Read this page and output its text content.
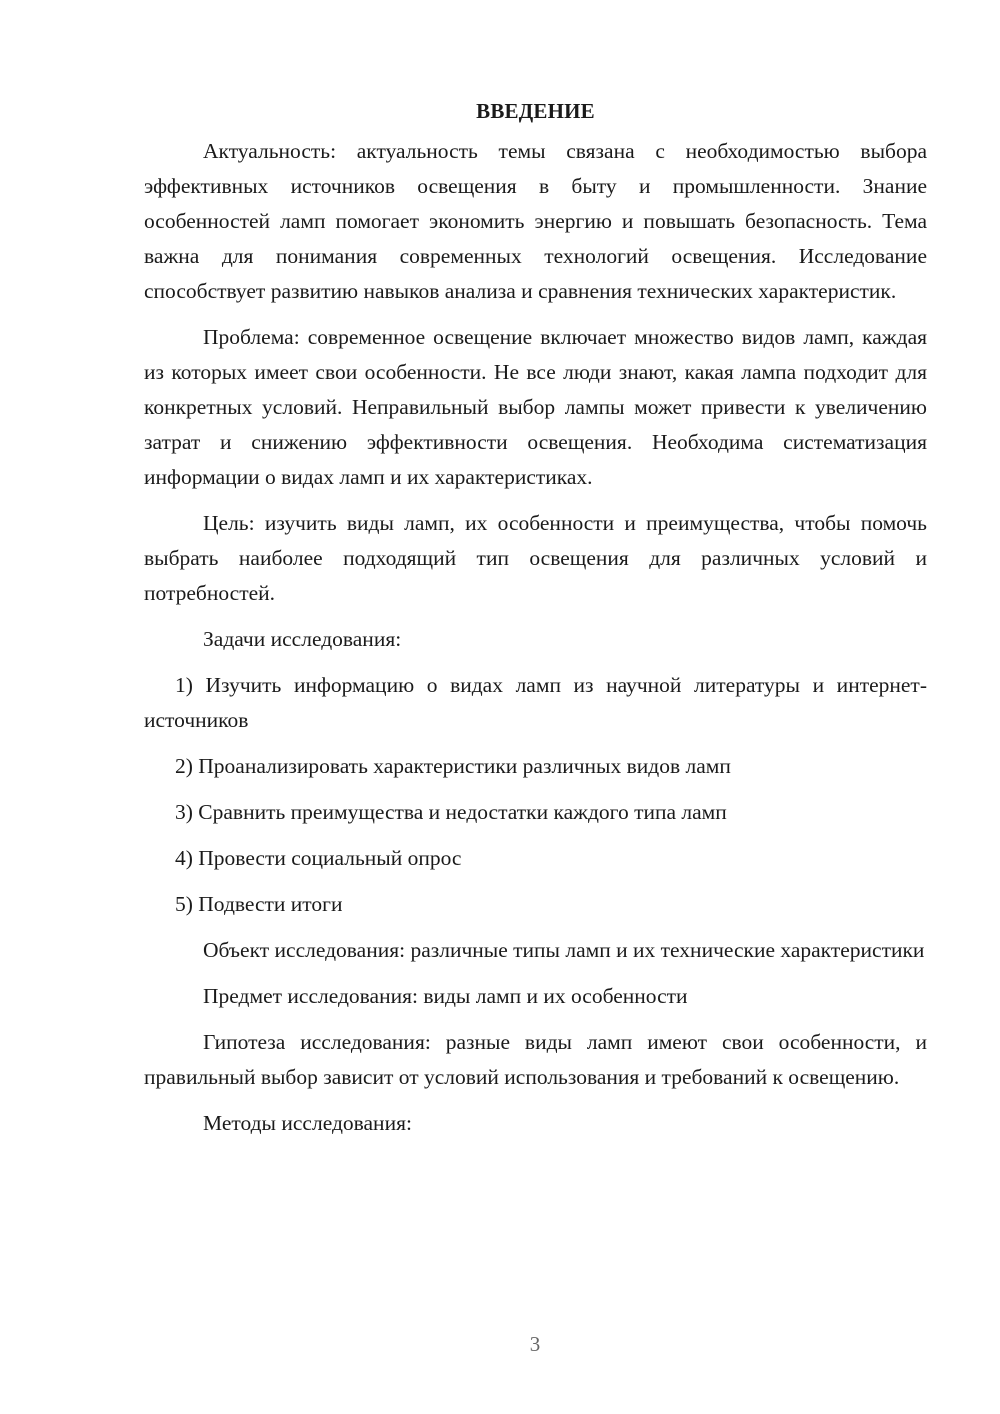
ВВЕДЕНИЕ

Актуальность: актуальность темы связана с необходимостью выбора эффективных источников освещения в быту и промышленности. Знание особенностей ламп помогает экономить энергию и повышать безопасность. Тема важна для понимания современных технологий освещения. Исследование способствует развитию навыков анализа и сравнения технических характеристик.

Проблема: современное освещение включает множество видов ламп, каждая из которых имеет свои особенности. Не все люди знают, какая лампа подходит для конкретных условий. Неправильный выбор лампы может привести к увеличению затрат и снижению эффективности освещения. Необходима систематизация информации о видах ламп и их характеристиках.

Цель: изучить виды ламп, их особенности и преимущества, чтобы помочь выбрать наиболее подходящий тип освещения для различных условий и потребностей.

Задачи исследования:

1) Изучить информацию о видах ламп из научной литературы и интернет-источников

2) Проанализировать характеристики различных видов ламп

3) Сравнить преимущества и недостатки каждого типа ламп

4) Провести социальный опрос

5) Подвести итоги

Объект исследования: различные типы ламп и их технические характеристики

Предмет исследования: виды ламп и их особенности

Гипотеза исследования: разные виды ламп имеют свои особенности, и правильный выбор зависит от условий использования и требований к освещению.

Методы исследования:

3
